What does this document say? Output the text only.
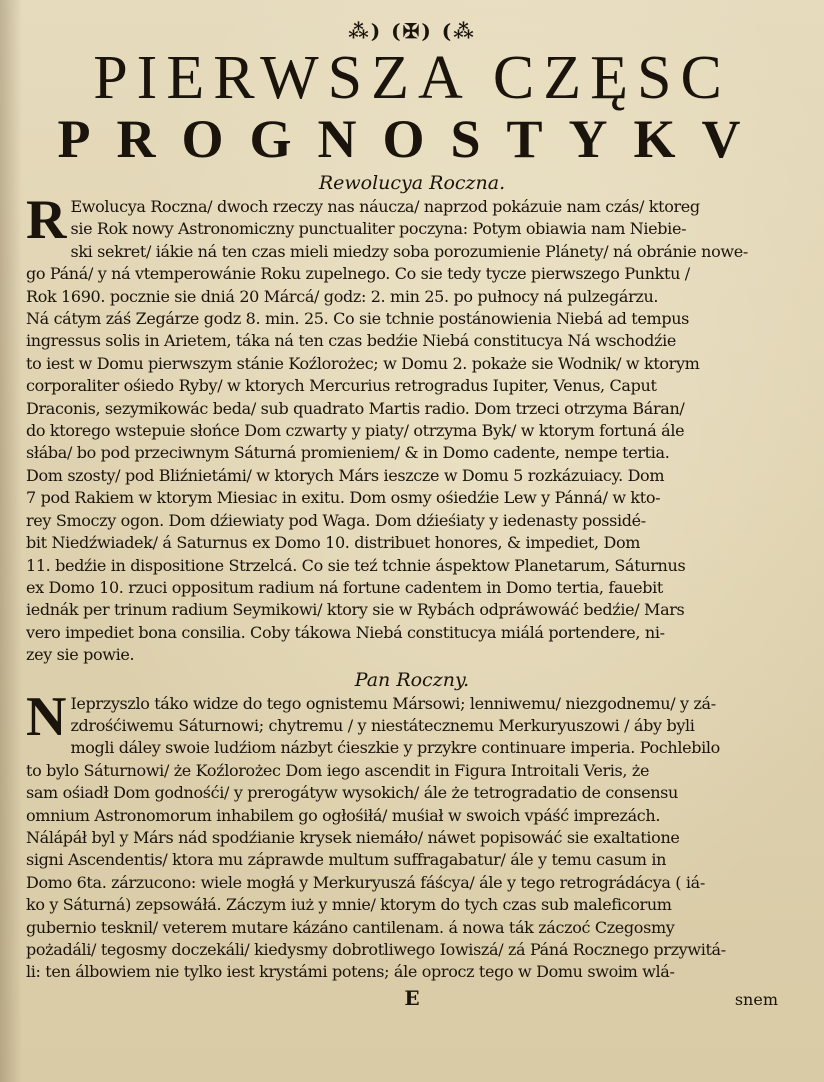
⁂) (✠) (⁂
PIERWSZA CZĘSC
PROGNOSTYKV
Rewolucya Roczna.
R Ewolucya Roczna/ dwoch rzeczy nas náucza/ naprzod pokázuie nam czás/ ktoreg
sie Rok nowy Astronomiczny punctualiter poczyna: Potym obiawia nam Niebie-
ski sekret/ iákie ná ten czas mieli miedzy soba porozumienie Plánety/ ná obránie nowe-
go Páná/ y ná vtemperowánie Roku zupelnego. Co sie tedy tycze pierwszego Punktu /
Rok 1690. pocznie sie dniá 20 Márcá/ godz: 2. min 25. po pułnocy ná pulzegárzu.
Ná cátym záś Zegárze godz 8. min. 25. Co sie tchnie postánowienia Niebá ad tempus
ingressus solis in Arietem, táka ná ten czas bedźie Niebá constitucya Ná wschodźie
to iest w Domu pierwszym stánie Koźlorożec; w Domu 2. pokaże sie Wodnik/ w ktorym
corporaliter ośiedo Ryby/ w ktorych Mercurius retrogradus Iupiter, Venus, Caput
Draconis, sezymikowác beda/ sub quadrato Martis radio. Dom trzeci otrzyma Báran/
do ktorego wstepuie słońce Dom czwarty y piaty/ otrzyma Byk/ w ktorym fortuná ále
słába/ bo pod przeciwnym Sáturná promieniem/ & in Domo cadente, nempe tertia.
Dom szosty/ pod Bliźnietámi/ w ktorych Márs ieszcze w Domu 5 rozkázuiacy. Dom
7 pod Rakiem w ktorym Miesiac in exitu. Dom osmy ośiedźie Lew y Pánná/ w kto-
rey Smoczy ogon. Dom dźiewiaty pod Waga. Dom dźieśiaty y iedenasty possidé-
bit Niedźwiadek/ á Saturnus ex Domo 10. distribuet honores, & impediet, Dom
11. bedźie in dispositione Strzelcá. Co sie teź tchnie áspektow Planetarum, Sáturnus
ex Domo 10. rzuci oppositum radium ná fortune cadentem in Domo tertia, fauebit
iednák per trinum radium Seymikowi/ ktory sie w Rybách odpráwowáć bedźie/ Mars
vero impediet bona consilia. Coby tákowa Niebá constitucya miálá portendere, ni-
zey sie powie.
Pan Roczny.
N Ieprzyszlo táko widze do tego ognistemu Mársowi; lenniwemu/ niezgodnemu/ y zá-
zdrośćiwemu Sáturnowi; chytremu / y niestátecznemu Merkuryuszowi / áby byli
mogli dáley swoie ludźiom názbyt ćieszkie y przykre continuare imperia. Pochlebilo
to bylo Sáturnowi/ że Koźlorożec Dom iego ascendit in Figura Introitali Veris, że
sam ośiadł Dom godnośći/ y prerogátyw wysokich/ ále że tetrogradatio de consensu
omnium Astronomorum inhabilem go ogłośiłá/ muśiał w swoich vpáść imprezách.
Nálápáł byl y Márs nád spodźianie krysek niemáło/ náwet popisowáć sie exaltatione
signi Ascendentis/ ktora mu záprawde multum suffragabatur/ ále y temu casum in
Domo 6ta. zárzucono: wiele mogłá y Merkuryuszá fáścya/ ále y tego retrográdácya ( iá-
ko y Sáturná) zepsowáłá. Záczym iuż y mnie/ ktorym do tych czas sub maleficorum
gubernio tesknil/ veterem mutare kázáno cantilenam. á nowa ták záczoć Czegosmy
pożadáli/ tegosmy doczekáli/ kiedysmy dobrotliwego Iowiszá/ zá Páná Rocznego przywitá-
li: ten álbowiem nie tylko iest krystámi potens; ále oprocz tego w Domu swoim wlá-
E	snem
